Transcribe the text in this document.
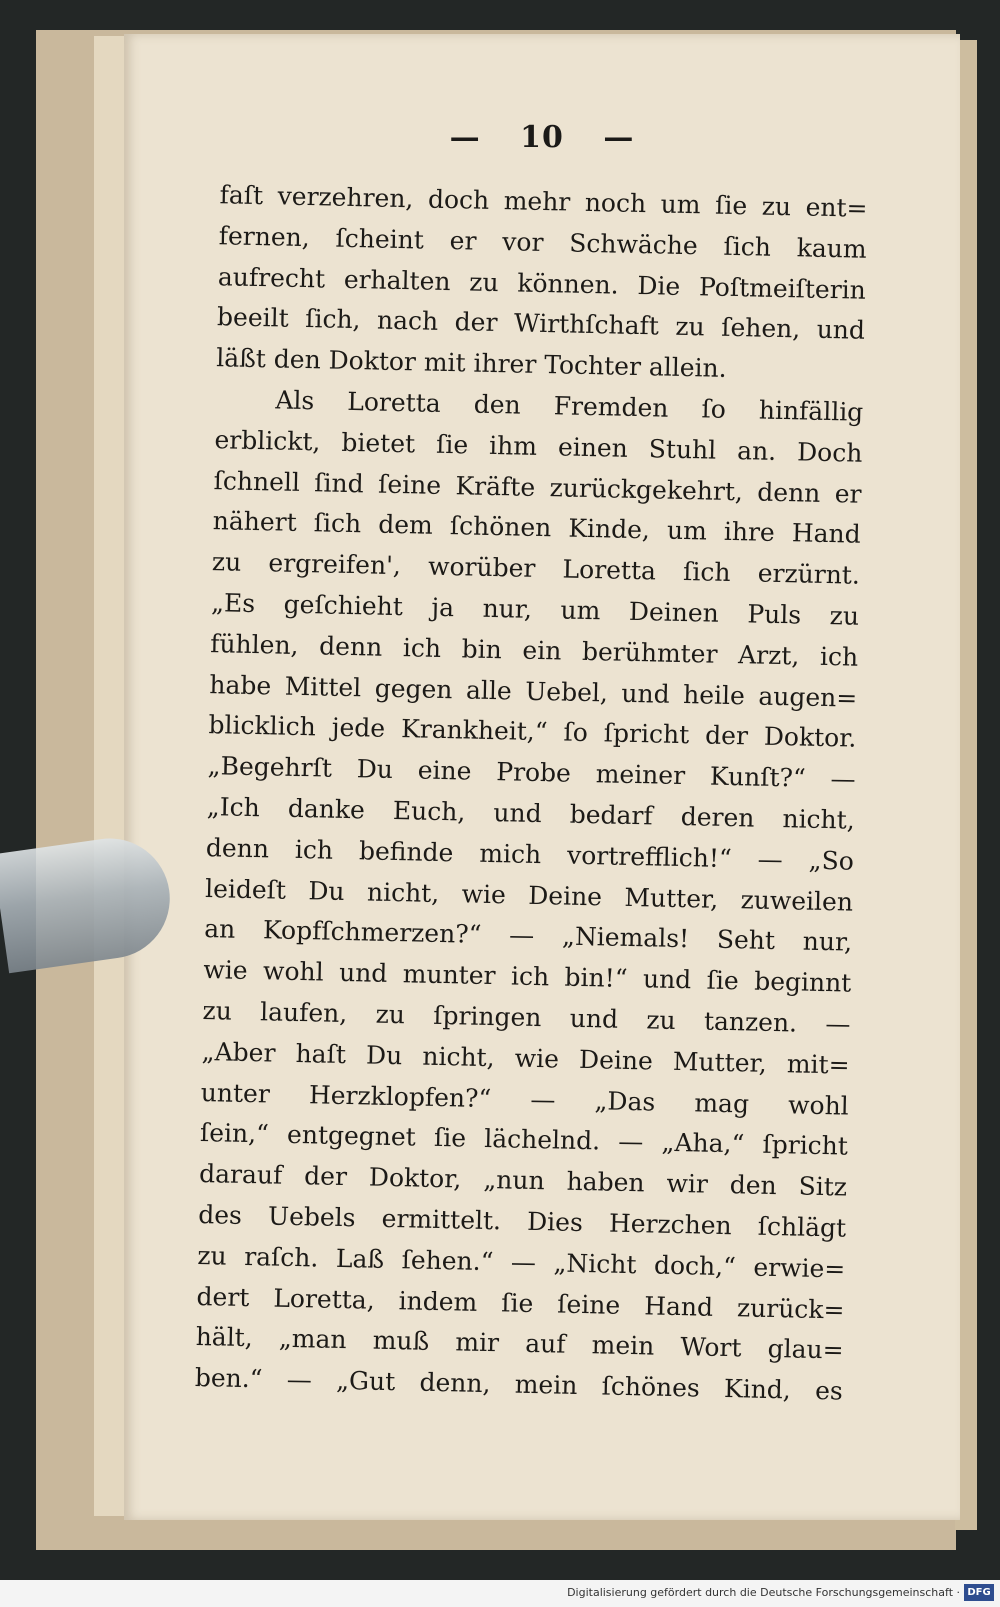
— 10 —
faſt verzehren, doch mehr noch um ſie zu ent=
fernen, ſcheint er vor Schwäche ſich kaum
aufrecht erhalten zu können. Die Poſtmeiſterin
beeilt ſich, nach der Wirthſchaft zu ſehen, und
läßt den Doktor mit ihrer Tochter allein.
Als Loretta den Fremden ſo hinfällig
erblickt, bietet ſie ihm einen Stuhl an. Doch
ſchnell ſind ſeine Kräfte zurückgekehrt, denn er
nähert ſich dem ſchönen Kinde, um ihre Hand
zu ergreifen', worüber Loretta ſich erzürnt.
„Es geſchieht ja nur, um Deinen Puls zu
fühlen, denn ich bin ein berühmter Arzt, ich
habe Mittel gegen alle Uebel, und heile augen=
blicklich jede Krankheit,“ ſo ſpricht der Doktor.
„Begehrſt Du eine Probe meiner Kunſt?“ —
„Ich danke Euch, und bedarf deren nicht,
denn ich befinde mich vortrefflich!“ — „So
leideſt Du nicht, wie Deine Mutter, zuweilen
an Kopfſchmerzen?“ — „Niemals! Seht nur,
wie wohl und munter ich bin!“ und ſie beginnt
zu laufen, zu ſpringen und zu tanzen. —
„Aber haſt Du nicht, wie Deine Mutter, mit=
unter Herzklopfen?“ — „Das mag wohl
ſein,“ entgegnet ſie lächelnd. — „Aha,“ ſpricht
darauf der Doktor, „nun haben wir den Sitz
des Uebels ermittelt. Dies Herzchen ſchlägt
zu raſch. Laß ſehen.“ — „Nicht doch,“ erwie=
dert Loretta, indem ſie ſeine Hand zurück=
hält, „man muß mir auf mein Wort glau=
ben.“ — „Gut denn, mein ſchönes Kind, es
Digitalisierung gefördert durch die Deutsche Forschungsgemeinschaft · DFG
